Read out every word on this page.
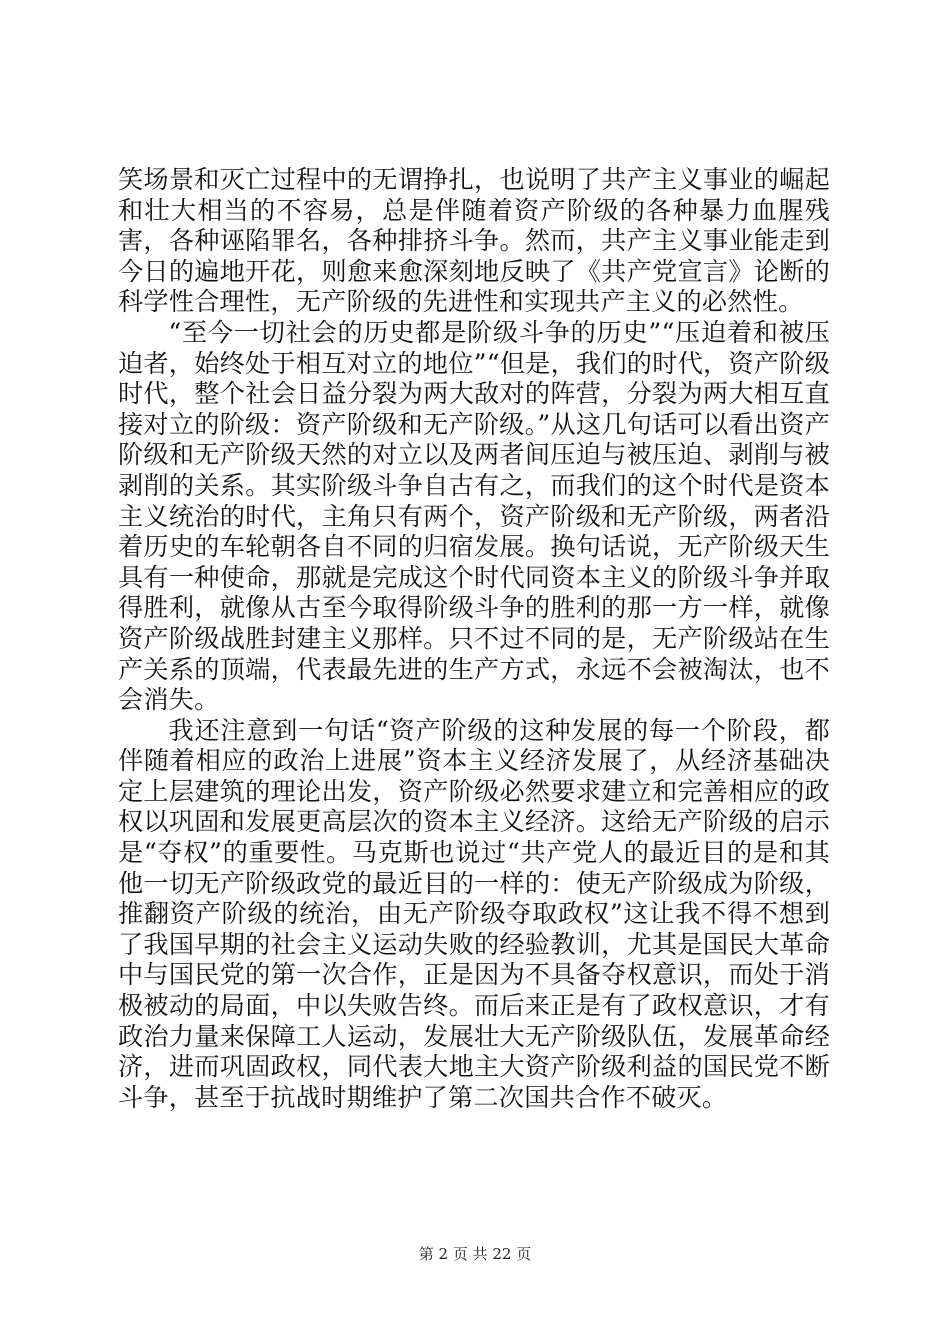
笑场景和灭亡过程中的无谓挣扎，也说明了共产主义事业的崛起和壮大相当的不容易，总是伴随着资产阶级的各种暴力血腥残害，各种诬陷罪名，各种排挤斗争。然而，共产主义事业能走到今日的遍地开花，则愈来愈深刻地反映了《共产党宣言》论断的科学性合理性，无产阶级的先进性和实现共产主义的必然性。

“至今一切社会的历史都是阶级斗争的历史”“压迫着和被压迫者，始终处于相互对立的地位”“但是，我们的时代，资产阶级时代，整个社会日益分裂为两大敌对的阵营，分裂为两大相互直接对立的阶级：资产阶级和无产阶级。”从这几句话可以看出资产阶级和无产阶级天然的对立以及两者间压迫与被压迫、剥削与被剥削的关系。其实阶级斗争自古有之，而我们的这个时代是资本主义统治的时代，主角只有两个，资产阶级和无产阶级，两者沿着历史的车轮朝各自不同的归宿发展。换句话说，无产阶级天生具有一种使命，那就是完成这个时代同资本主义的阶级斗争并取得胜利，就像从古至今取得阶级斗争的胜利的那一方一样，就像资产阶级战胜封建主义那样。只不过不同的是，无产阶级站在生产关系的顶端，代表最先进的生产方式，永远不会被淘汰，也不会消失。

我还注意到一句话“资产阶级的这种发展的每一个阶段，都伴随着相应的政治上进展”资本主义经济发展了，从经济基础决定上层建筑的理论出发，资产阶级必然要求建立和完善相应的政权以巩固和发展更高层次的资本主义经济。这给无产阶级的启示是“夺权”的重要性。马克斯也说过“共产党人的最近目的是和其他一切无产阶级政党的最近目的一样的：使无产阶级成为阶级，推翻资产阶级的统治，由无产阶级夺取政权”这让我不得不想到了我国早期的社会主义运动失败的经验教训，尤其是国民大革命中与国民党的第一次合作，正是因为不具备夺权意识，而处于消极被动的局面，中以失败告终。而后来正是有了政权意识，才有政治力量来保障工人运动，发展壮大无产阶级队伍，发展革命经济，进而巩固政权，同代表大地主大资产阶级利益的国民党不断斗争，甚至于抗战时期维护了第二次国共合作不破灭。

第 2 页 共 22 页
